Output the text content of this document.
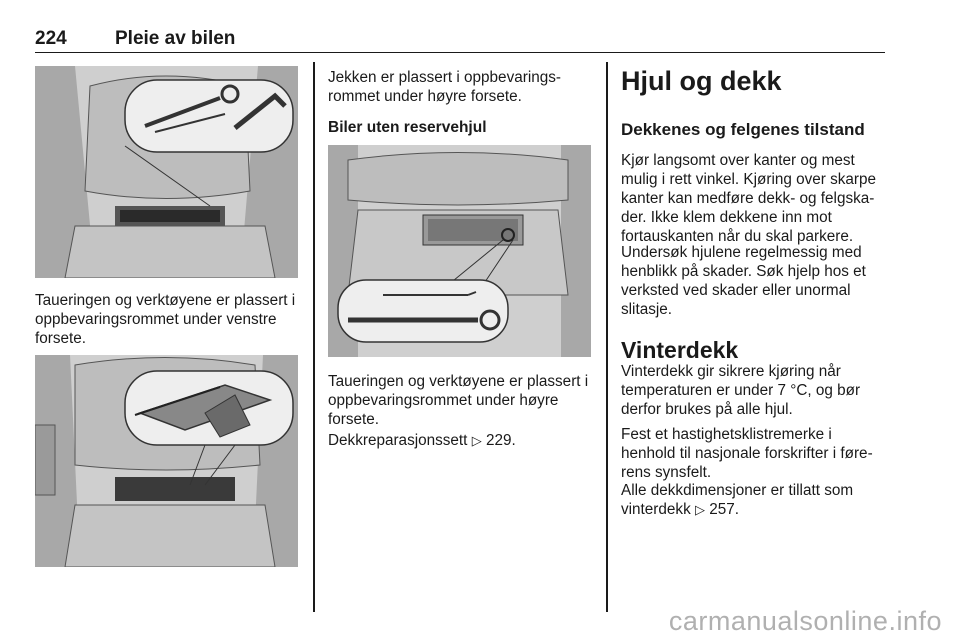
224	Pleie av bilen

Taueringen og verktøyene er plassert i oppbevaringsrommet under venstre forsete.

Jekken er plassert i oppbevarings-rommet under høyre forsete.

Biler uten reservehjul

Taueringen og verktøyene er plassert i oppbevaringsrommet under høyre forsete.

Dekkreparasjonssett ▷ 229.

Hjul og dekk

Dekkenes og felgenes tilstand

Kjør langsomt over kanter og mest mulig i rett vinkel. Kjøring over skarpe kanter kan medføre dekk- og felgska-der. Ikke klem dekkene inn mot fortauskanten når du skal parkere.

Undersøk hjulene regelmessig med henblikk på skader. Søk hjelp hos et verksted ved skader eller unormal slitasje.

Vinterdekk

Vinterdekk gir sikrere kjøring når temperaturen er under 7 °C, og bør derfor brukes på alle hjul.

Fest et hastighetsklistremerke i henhold til nasjonale forskrifter i føre-rens synsfelt.

Alle dekkdimensjoner er tillatt som vinterdekk ▷ 257.

carmanualsonline.info
